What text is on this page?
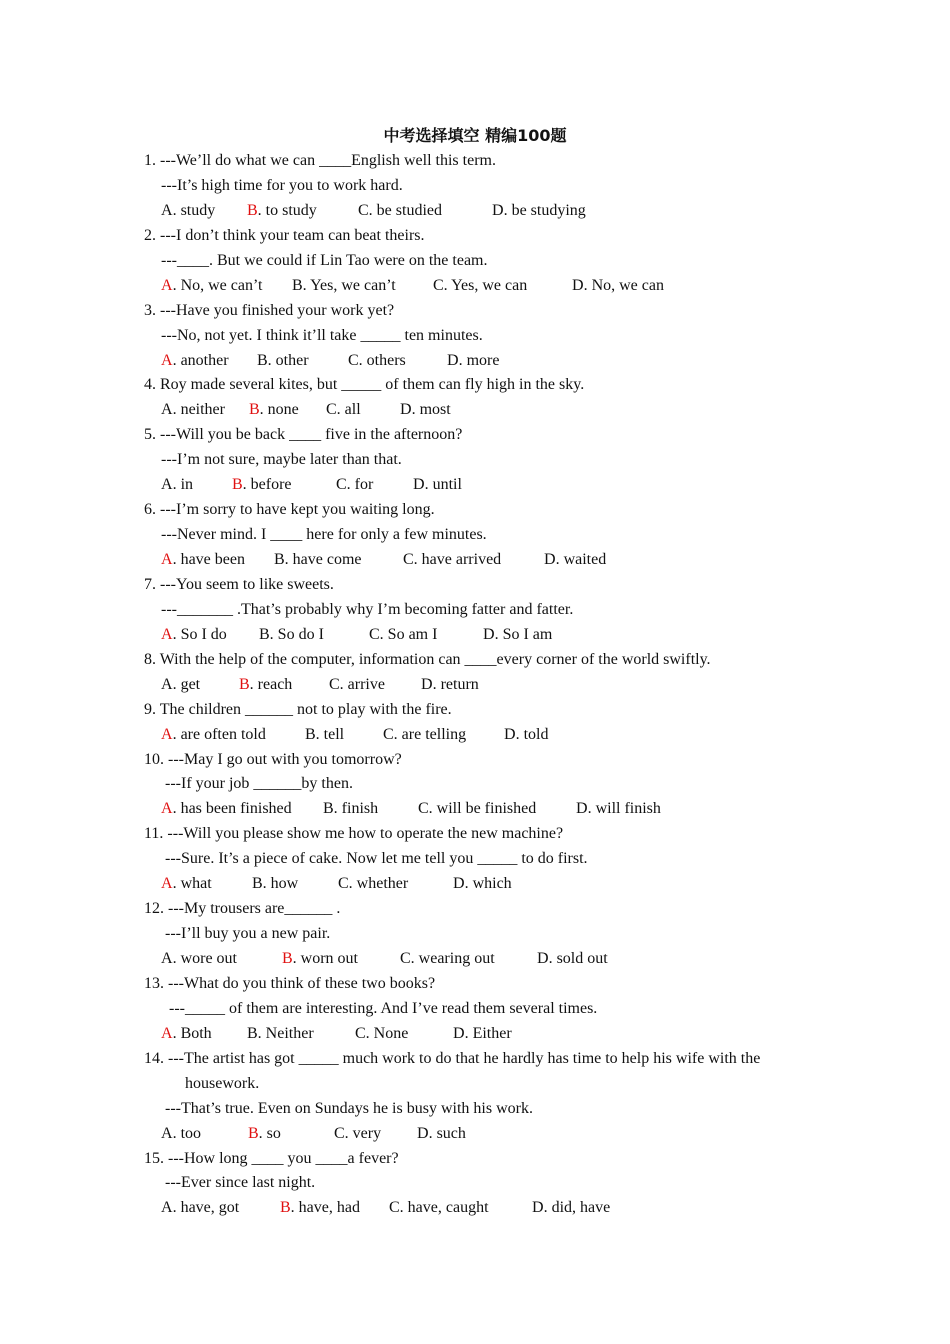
中考选择填空 精编100题
1. ---We’ll do what we can ____English well this term.
---It’s high time for you to work hard.
A. study B. to study	C. be studied	D. be studying
2. ---I don’t think your team can beat theirs.
---____. But we could if Lin Tao were on the team.
A. No, we can’t B. Yes, we can’t C. Yes, we can	D. No, we can
3. ---Have you finished your work yet?
---No, not yet. I think it’ll take _____ ten minutes.
A. another B. other C. others	D. more
4. Roy made several kites, but _____ of them can fly high in the sky.
A. neither B. none C. all D. most
5. ---Will you be back ____ five in the afternoon?
---I’m not sure, maybe later than that.
A. in B. before	C. for D. until
6. ---I’m sorry to have kept you waiting long.
---Never mind. I ____ here for only a few minutes.
A. have been B. have come	C. have arrived	D. waited
7. ---You seem to like sweets.
---_______ .That’s probably why I’m becoming fatter and fatter.
A. So I do B. So do I	C. So am I	D. So I am
8. With the help of the computer, information can ____every corner of the world swiftly.
A. get B. reach C. arrive D. return
9. The children ______ not to play with the fire.
A. are often told B. tell C. are telling D. told
10. ---May I go out with you tomorrow?
---If your job ______by then.
A. has been finished B. finish C. will be finished D. will finish
11. ---Will you please show me how to operate the new machine?
---Sure. It’s a piece of cake. Now let me tell you _____ to do first.
A. what	B. how C. whether	D. which
12. ---My trousers are______ .
---I’ll buy you a new pair.
A. wore out	B. worn out	C. wearing out	D. sold out
13. ---What do you think of these two books?
---_____ of them are interesting. And I’ve read them several times.
A. Both B. Neither	C. None	D. Either
14. ---The artist has got _____ much work to do that he hardly has time to help his wife with the
housework.
---That’s true. Even on Sundays he is busy with his work.
A. too	B. so	C. very D. such
15. ---How long ____ you ____a fever?
---Ever since last night.
A. have, got	B. have, had C. have, caught	D. did, have
